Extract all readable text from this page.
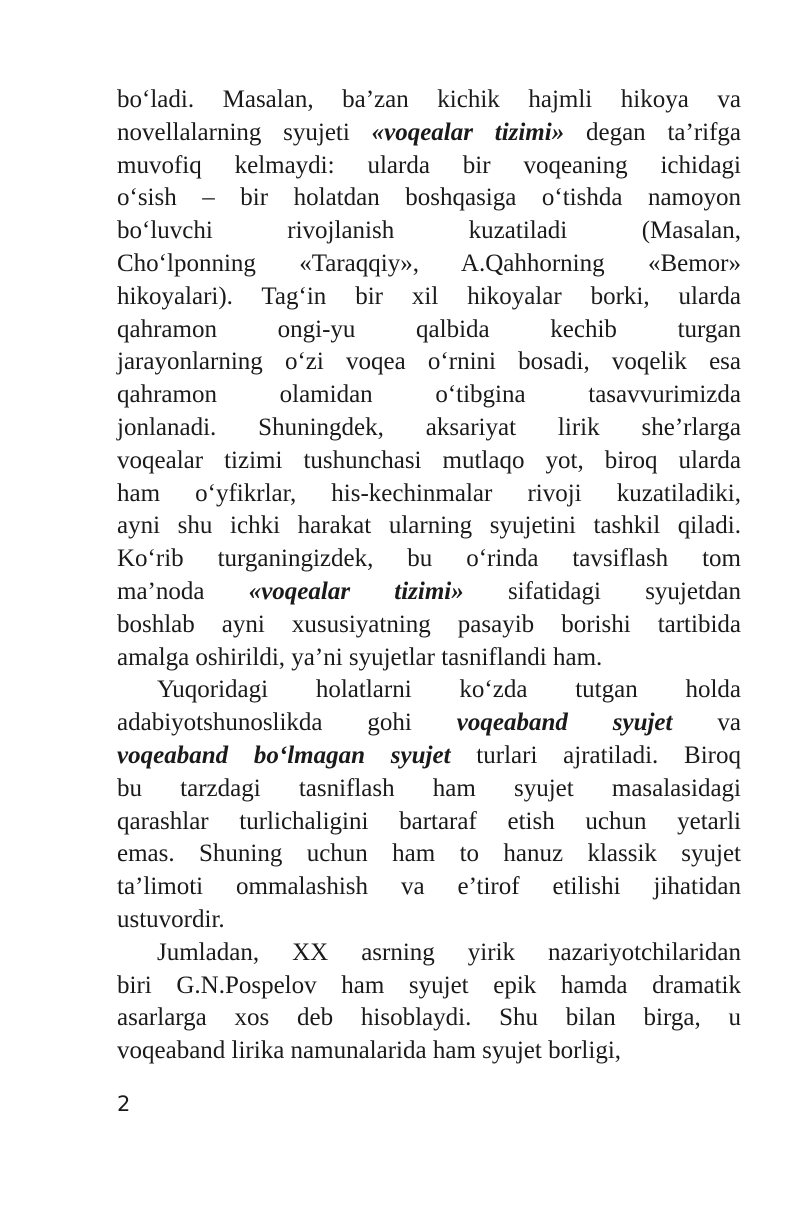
bo‘ladi. Masalan, ba’zan kichik hajmli hikoya va
novellalarning syujeti «voqealar tizimi» degan ta’rifga
muvofiq kelmaydi: ularda bir voqeaning ichidagi
o‘sish – bir holatdan boshqasiga o‘tishda namoyon
bo‘luvchi rivojlanish kuzatiladi (Masalan,
Cho‘lponning «Taraqqiy», A.Qahhorning «Bemor»
hikoyalari). Tag‘in bir xil hikoyalar borki, ularda
qahramon ongi-yu qalbida kechib turgan
jarayonlarning o‘zi voqea o‘rnini bosadi, voqelik esa
qahramon olamidan o‘tibgina tasavvurimizda
jonlanadi. Shuningdek, aksariyat lirik she’rlarga
voqealar tizimi tushunchasi mutlaqo yot, biroq ularda
ham o‘yfikrlar, his-kechinmalar rivoji kuzatiladiki,
ayni shu ichki harakat ularning syujetini tashkil qiladi.
Ko‘rib turganingizdek, bu o‘rinda tavsiflash tom
ma’noda «voqealar tizimi» sifatidagi syujetdan
boshlab ayni xususiyatning pasayib borishi tartibida
amalga oshirildi, ya’ni syujetlar tasniflandi ham.
Yuqoridagi holatlarni ko‘zda tutgan holda
adabiyotshunoslikda gohi voqeaband syujet va
voqeaband bo‘lmagan syujet turlari ajratiladi. Biroq
bu tarzdagi tasniflash ham syujet masalasidagi
qarashlar turlichaligini bartaraf etish uchun yetarli
emas. Shuning uchun ham to hanuz klassik syujet
ta’limoti ommalashish va e’tirof etilishi jihatidan
ustuvordir.
Jumladan, XX asrning yirik nazariyotchilaridan
biri G.N.Pospelov ham syujet epik hamda dramatik
asarlarga xos deb hisoblaydi. Shu bilan birga, u
voqeaband lirika namunalarida ham syujet borligi,
2
